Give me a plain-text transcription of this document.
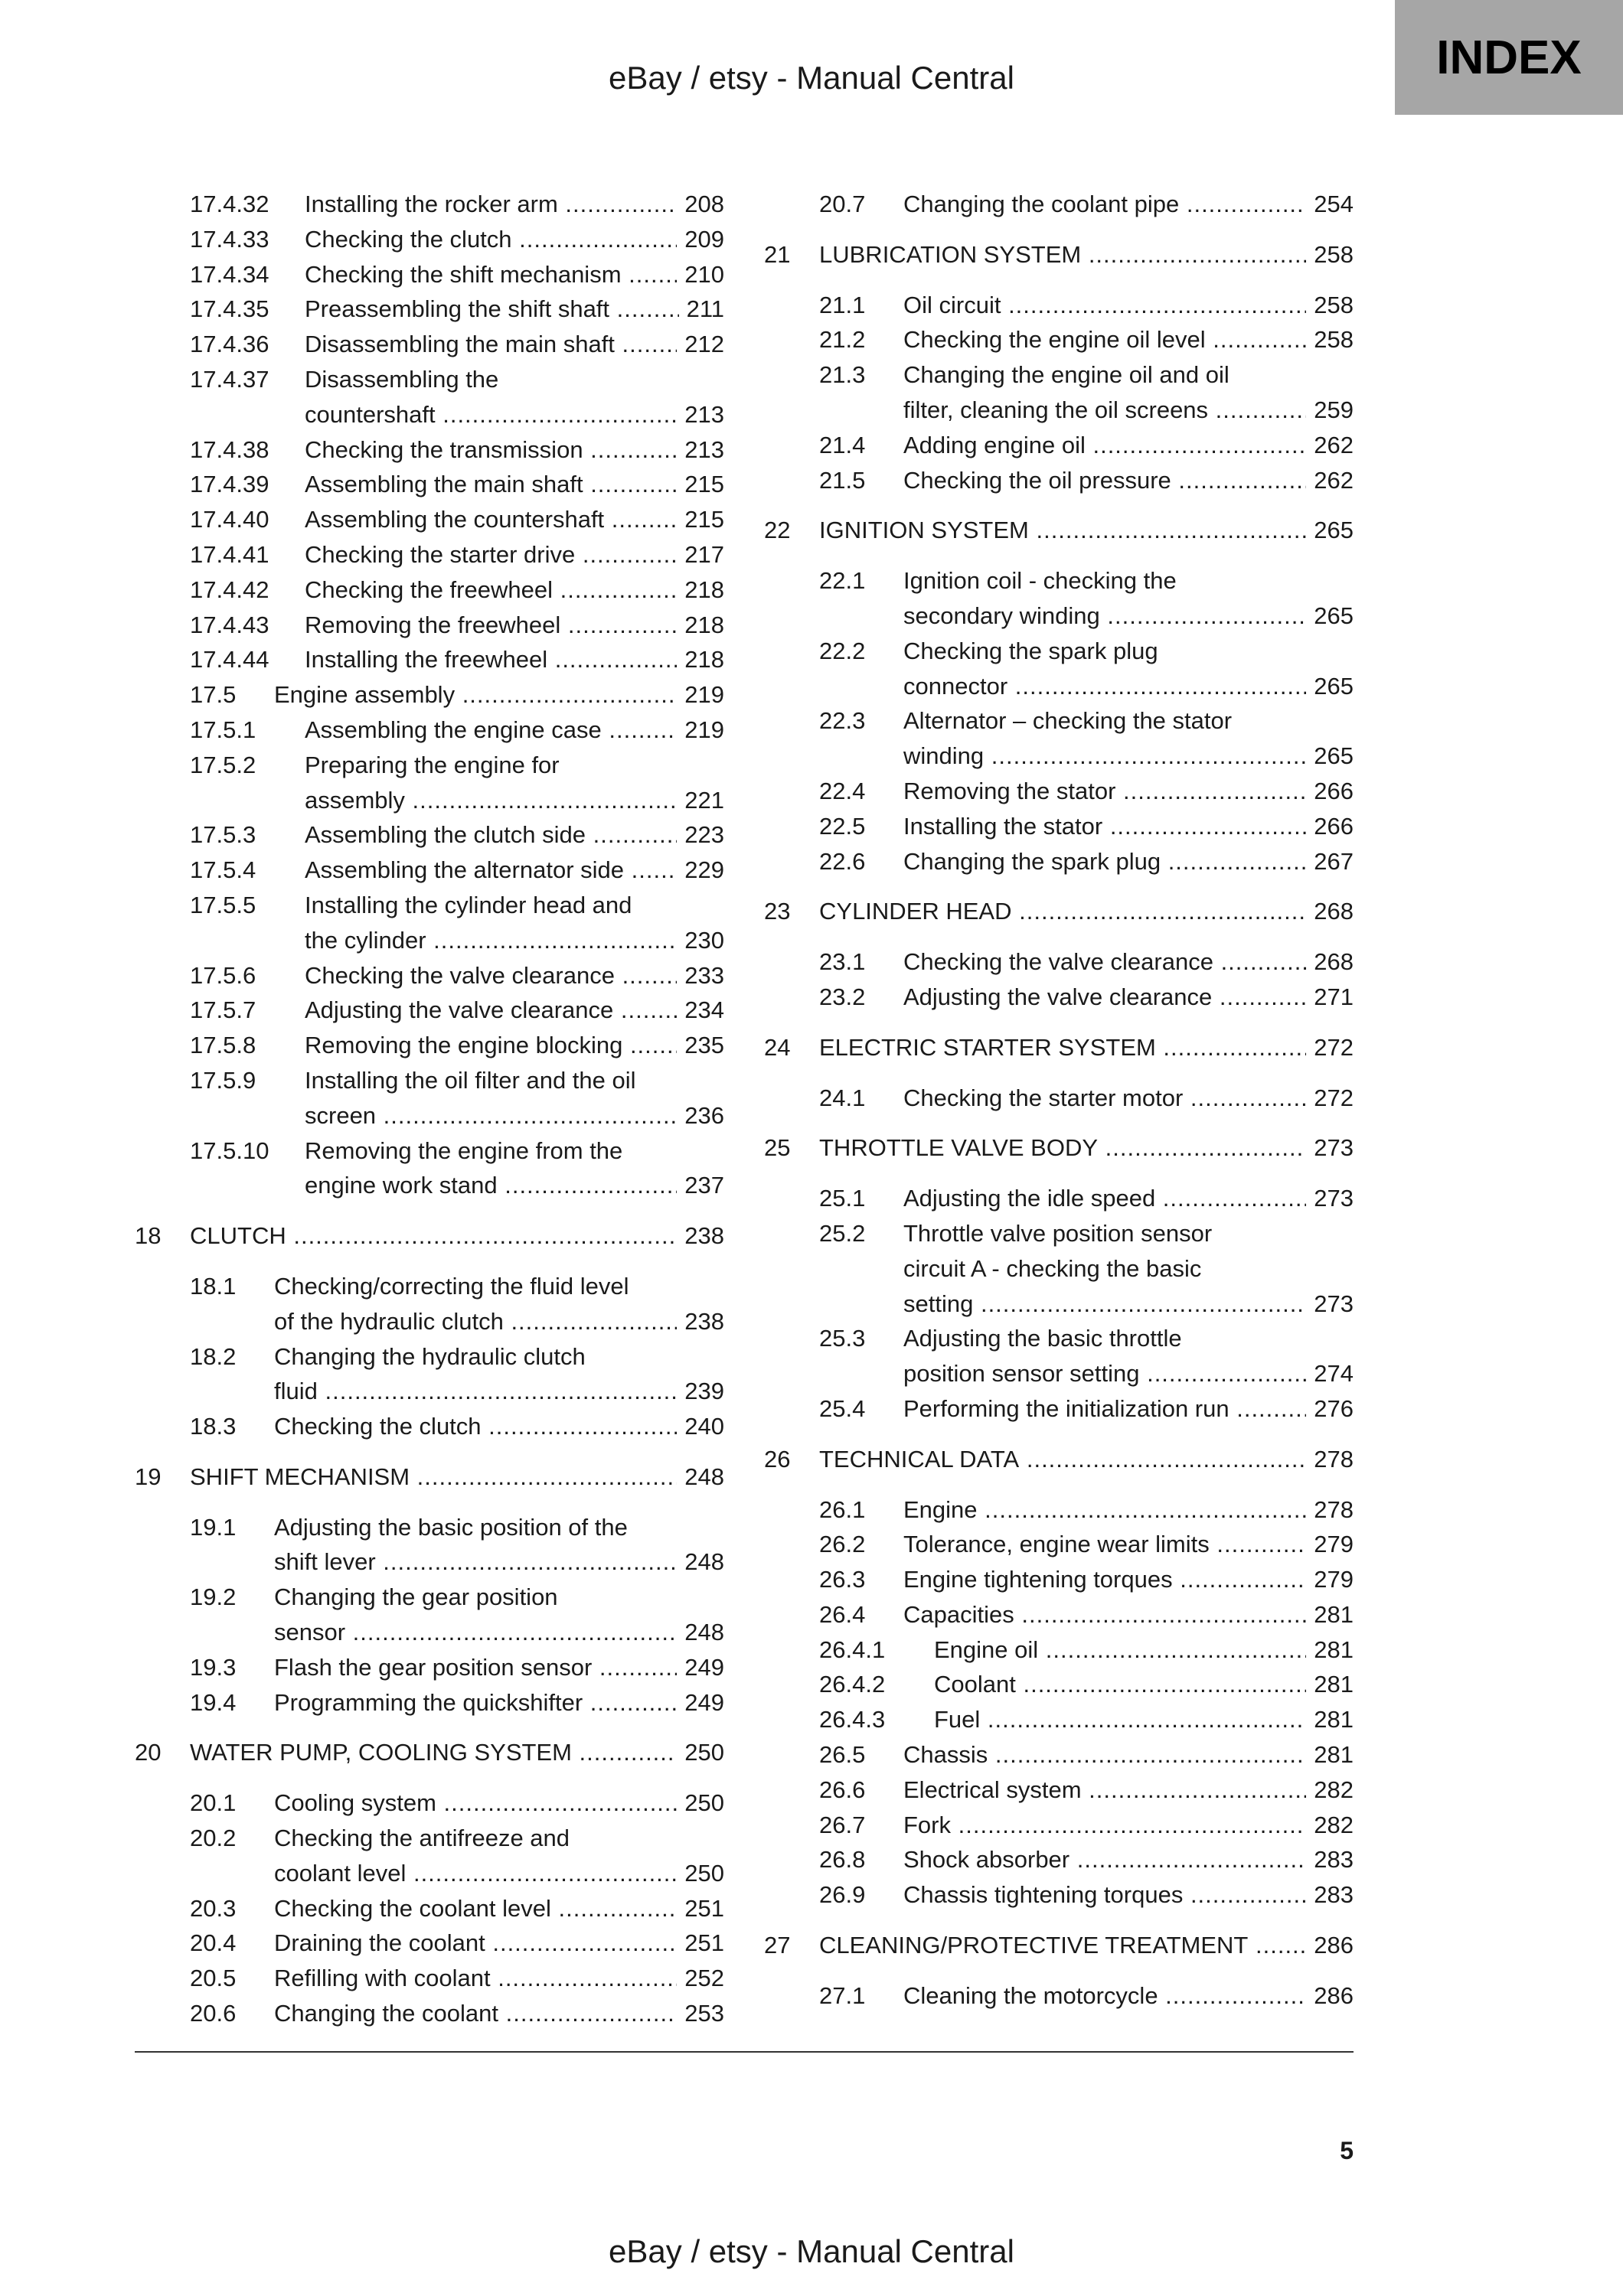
eBay / etsy - Manual Central	INDEX
17.4.32 Installing the rocker arm .....	208
17.4.33 Checking the clutch .....	209
17.4.34 Checking the shift mechanism .....	210
17.4.35 Preassembling the shift shaft .....	211
17.4.36 Disassembling the main shaft .....	212
17.4.37 Disassembling the
countershaft .....	213
17.4.38 Checking the transmission .....	213
17.4.39 Assembling the main shaft .....	215
17.4.40 Assembling the countershaft .....	215
17.4.41 Checking the starter drive .....	217
17.4.42 Checking the freewheel .....	218
17.4.43 Removing the freewheel .....	218
17.4.44 Installing the freewheel .....	218
17.5 Engine assembly .....	219
17.5.1 Assembling the engine case .....	219
17.5.2 Preparing the engine for
assembly .....	221
17.5.3 Assembling the clutch side .....	223
17.5.4 Assembling the alternator side .....	229
17.5.5 Installing the cylinder head and
the cylinder .....	230
17.5.6 Checking the valve clearance .....	233
17.5.7 Adjusting the valve clearance .....	234
17.5.8 Removing the engine blocking .....	235
17.5.9 Installing the oil filter and the oil
screen .....	236
17.5.10 Removing the engine from the
engine work stand .....	237
18 CLUTCH .....	238
18.1 Checking/correcting the fluid level
of the hydraulic clutch .....	238
18.2 Changing the hydraulic clutch
fluid .....	239
18.3 Checking the clutch .....	240
19 SHIFT MECHANISM .....	248
19.1 Adjusting the basic position of the
shift lever .....	248
19.2 Changing the gear position
sensor .....	248
19.3 Flash the gear position sensor .....	249
19.4 Programming the quickshifter .....	249
20 WATER PUMP, COOLING SYSTEM .....	250
20.1 Cooling system .....	250
20.2 Checking the antifreeze and
coolant level .....	250
20.3 Checking the coolant level .....	251
20.4 Draining the coolant .....	251
20.5 Refilling with coolant .....	252
20.6 Changing the coolant .....	253
20.7 Changing the coolant pipe .....	254
21 LUBRICATION SYSTEM .....	258
21.1 Oil circuit .....	258
21.2 Checking the engine oil level .....	258
21.3 Changing the engine oil and oil
filter, cleaning the oil screens .....	259
21.4 Adding engine oil .....	262
21.5 Checking the oil pressure .....	262
22 IGNITION SYSTEM .....	265
22.1 Ignition coil - checking the
secondary winding .....	265
22.2 Checking the spark plug
connector .....	265
22.3 Alternator – checking the stator
winding .....	265
22.4 Removing the stator .....	266
22.5 Installing the stator .....	266
22.6 Changing the spark plug .....	267
23 CYLINDER HEAD .....	268
23.1 Checking the valve clearance .....	268
23.2 Adjusting the valve clearance .....	271
24 ELECTRIC STARTER SYSTEM .....	272
24.1 Checking the starter motor .....	272
25 THROTTLE VALVE BODY .....	273
25.1 Adjusting the idle speed .....	273
25.2 Throttle valve position sensor
circuit A - checking the basic
setting .....	273
25.3 Adjusting the basic throttle
position sensor setting .....	274
25.4 Performing the initialization run .....	276
26 TECHNICAL DATA .....	278
26.1 Engine .....	278
26.2 Tolerance, engine wear limits .....	279
26.3 Engine tightening torques .....	279
26.4 Capacities .....	281
26.4.1 Engine oil .....	281
26.4.2 Coolant .....	281
26.4.3 Fuel .....	281
26.5 Chassis .....	281
26.6 Electrical system .....	282
26.7 Fork .....	282
26.8 Shock absorber .....	283
26.9 Chassis tightening torques .....	283
27 CLEANING/PROTECTIVE TREATMENT .....	286
27.1 Cleaning the motorcycle .....	286
5
eBay / etsy - Manual Central
